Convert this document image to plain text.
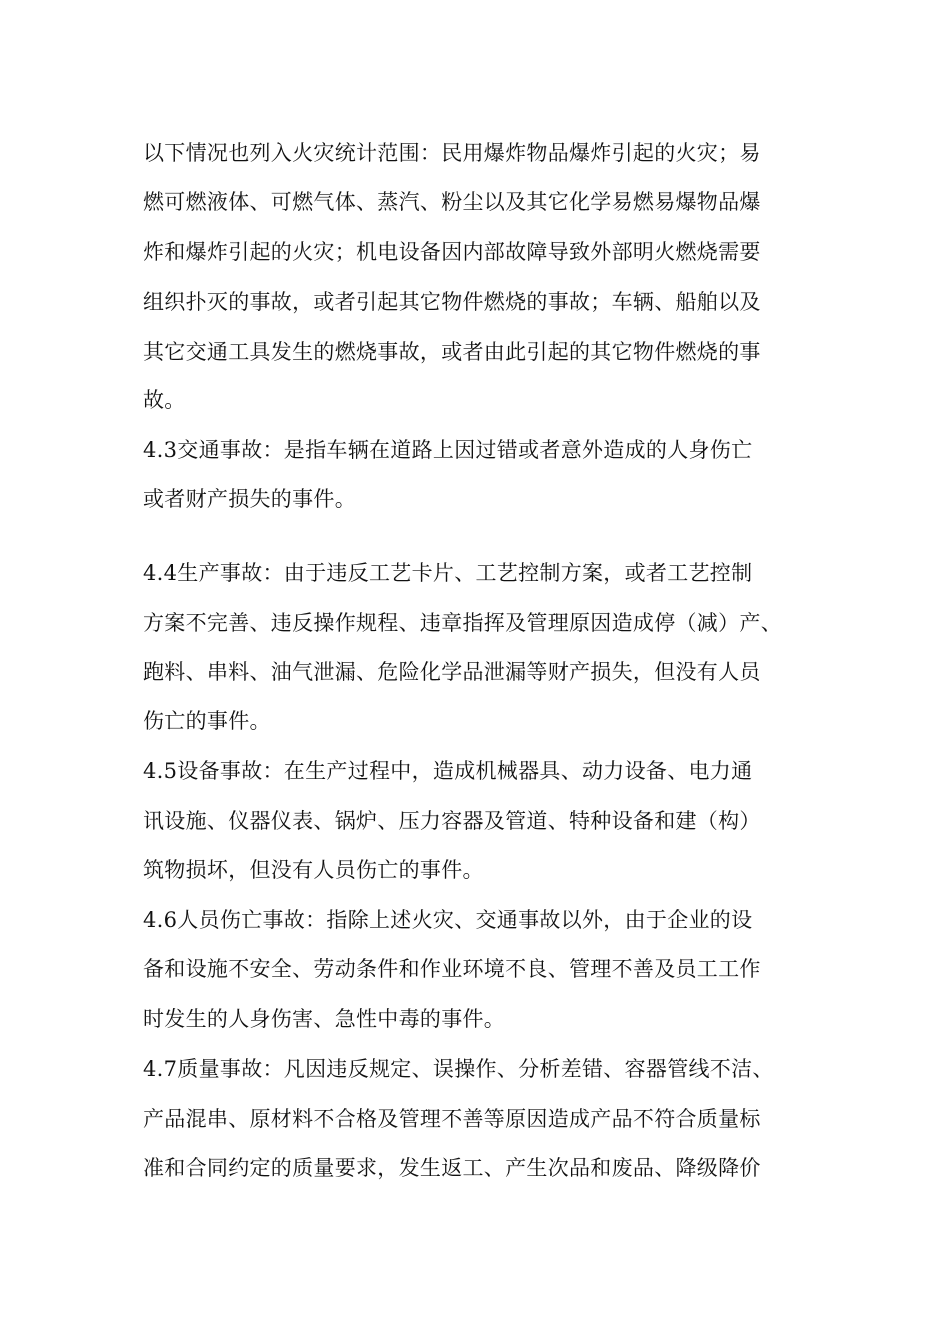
以下情况也列入火灾统计范围：民用爆炸物品爆炸引起的火灾；易
燃可燃液体、可燃气体、蒸汽、粉尘以及其它化学易燃易爆物品爆
炸和爆炸引起的火灾；机电设备因内部故障导致外部明火燃烧需要
组织扑灭的事故，或者引起其它物件燃烧的事故；车辆、船舶以及
其它交通工具发生的燃烧事故，或者由此引起的其它物件燃烧的事
故。
4.3交通事故：是指车辆在道路上因过错或者意外造成的人身伤亡
或者财产损失的事件。
4.4生产事故：由于违反工艺卡片、工艺控制方案，或者工艺控制
方案不完善、违反操作规程、违章指挥及管理原因造成停（减）产、
跑料、串料、油气泄漏、危险化学品泄漏等财产损失，但没有人员
伤亡的事件。
4.5设备事故：在生产过程中，造成机械器具、动力设备、电力通
讯设施、仪器仪表、锅炉、压力容器及管道、特种设备和建（构）
筑物损坏，但没有人员伤亡的事件。
4.6人员伤亡事故：指除上述火灾、交通事故以外，由于企业的设
备和设施不安全、劳动条件和作业环境不良、管理不善及员工工作
时发生的人身伤害、急性中毒的事件。
4.7质量事故：凡因违反规定、误操作、分析差错、容器管线不洁、
产品混串、原材料不合格及管理不善等原因造成产品不符合质量标
准和合同约定的质量要求，发生返工、产生次品和废品、降级降价
